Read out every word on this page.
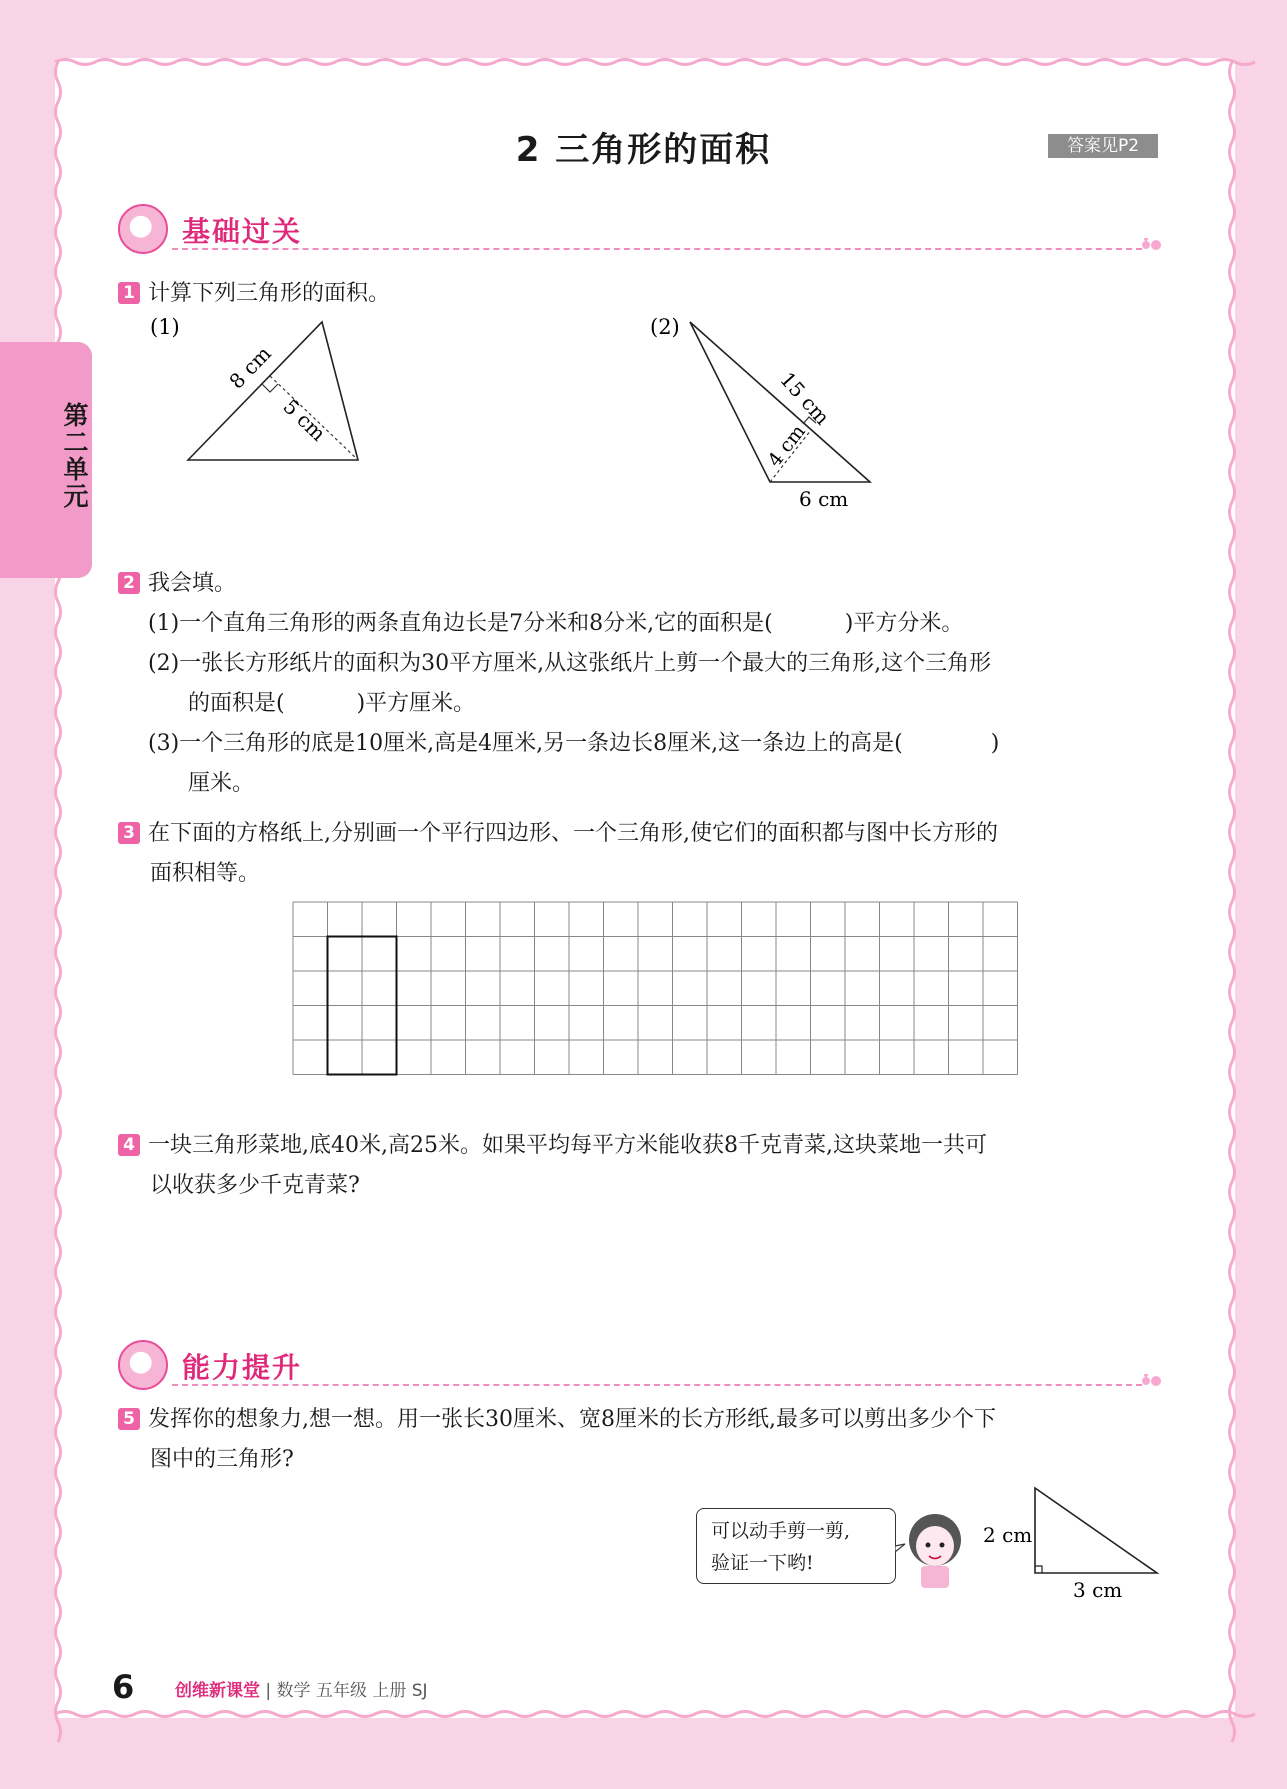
第二单元
2 三角形的面积	答案见P2
基础过关
1 计算下列三角形的面积。
(1)
8 cm
5 cm
(2)
15 cm
4 cm
6 cm
2 我会填。
(1)一个直角三角形的两条直角边长是7分米和8分米,它的面积是(	)平方分米。
(2)一张长方形纸片的面积为30平方厘米,从这张纸片上剪一个最大的三角形,这个三角形
的面积是(	)平方厘米。
(3)一个三角形的底是10厘米,高是4厘米,另一条边长8厘米,这一条边上的高是(	)
厘米。
3 在下面的方格纸上,分别画一个平行四边形、一个三角形,使它们的面积都与图中长方形的
面积相等。
4 一块三角形菜地,底40米,高25米。如果平均每平方米能收获8千克青菜,这块菜地一共可
以收获多少千克青菜?
能力提升
5 发挥你的想象力,想一想。用一张长30厘米、宽8厘米的长方形纸,最多可以剪出多少个下
图中的三角形?
可以动手剪一剪,
验证一下哟!
2 cm
3 cm
6 创维新课堂 | 数学 五年级 上册 SJ
